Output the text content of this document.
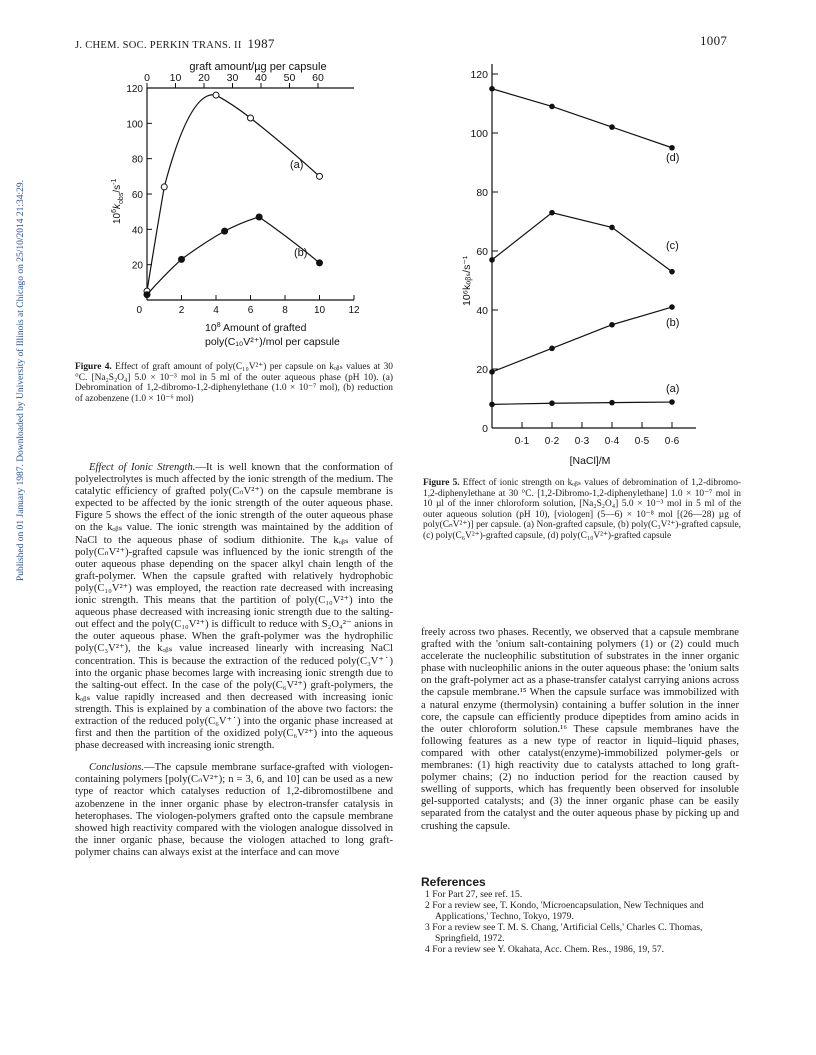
Published on 01 January 1987. Downloaded by University of Illinois at Chicago on 25/10/2014 21:34:29.
J. CHEM. SOC. PERKIN TRANS. II 1987	1007
graft amount/µg per capsule
0 10 20 30 40 50 60
20
40
60
80
100
120
2	4	6	8	10 12
(a)
(b)
0
$10^6k_{obs}/s^{-1}$
$10^8$ Amount of grafted
poly(C₁₀V²⁺)/mol per capsule
Figure 4. Effect of graft amount of poly(C₁₀V²⁺) per capsule on kₒᵦₛ values at 30 °C. [Na₂S₂O₄] 5.0 × 10⁻³ mol in 5 ml of the outer aqueous phase (pH 10). (a) Debromination of 1,2-dibromo-1,2-diphenylethane (1.0 × 10⁻⁷ mol), (b) reduction of azobenzene (1.0 × 10⁻⁶ mol)
0
20
40
60
80
100
120
0·1 0·2 0·3 0·4 0·5 0·6
(d)
(c)
(b)
(a)
10⁶kₒᵦₛ/s⁻¹
[NaCl]/M
Figure 5. Effect of ionic strength on kₒᵦₛ values of debromination of 1,2-dibromo-1,2-diphenylethane at 30 °C. [1,2-Dibromo-1,2-diphenylethane] 1.0 × 10⁻⁷ mol in 10 µl of the inner chloroform solution, [Na₂S₂O₄] 5.0 × 10⁻³ mol in 5 ml of the outer aqueous solution (pH 10), [viologen] (5—6) × 10⁻⁸ mol [(26—28) µg of poly(CₙV²⁺)] per capsule. (a) Non-grafted capsule, (b) poly(C₃V²⁺)-grafted capsule, (c) poly(C₆V²⁺)-grafted capsule, (d) poly(C₁₀V²⁺)-grafted capsule

Effect of Ionic Strength.—It is well known that the conformation of polyelectrolytes is much affected by the ionic strength of the medium. The catalytic efficiency of grafted poly(CₙV²⁺) on the capsule membrane is expected to be affected by the ionic strength of the outer aqueous phase. Figure 5 shows the effect of the ionic strength of the outer aqueous phase on the kₒᵦₛ value. The ionic strength was maintained by the addition of NaCl to the aqueous phase of sodium dithionite. The kₒᵦₛ value of poly(CₙV²⁺)-grafted capsule was influenced by the ionic strength of the outer aqueous phase depending on the spacer alkyl chain length of the graft-polymer. When the capsule grafted with relatively hydrophobic poly(C₁₀V²⁺) was employed, the reaction rate decreased with increasing ionic strength. This means that the partition of poly(C₁₀V²⁺) into the aqueous phase decreased with increasing ionic strength due to the salting-out effect and the poly(C₁₀V²⁺) is difficult to reduce with S₂O₄²⁻ anions in the outer aqueous phase. When the graft-polymer was the hydrophilic poly(C₃V²⁺), the kₒᵦₛ value increased linearly with increasing NaCl concentration. This is because the extraction of the reduced poly(C₃V⁺˙) into the organic phase becomes large with increasing ionic strength due to the salting-out effect. In the case of the poly(C₆V²⁺) graft-polymers, the kₒᵦₛ value rapidly increased and then decreased with increasing ionic strength. This is explained by a combination of the above two factors: the extraction of the reduced poly(C₆V⁺˙) into the organic phase increased at first and then the partition of the oxidized poly(C₆V²⁺) into the aqueous phase decreased with increasing ionic strength.

Conclusions.—The capsule membrane surface-grafted with viologen-containing polymers [poly(CₙV²⁺); n = 3, 6, and 10] can be used as a new type of reactor which catalyses reduction of 1,2-dibromostilbene and azobenzene in the inner organic phase by electron-transfer catalysis in heterophases. The viologen-polymers grafted onto the capsule membrane showed high reactivity compared with the viologen analogue dissolved in the inner organic phase, because the viologen attached to long graft-polymer chains can always exist at the interface and can move

freely across two phases. Recently, we observed that a capsule membrane grafted with the 'onium salt-containing polymers (1) or (2) could much accelerate the nucleophilic substitution of substrates in the inner organic phase with nucleophilic anions in the outer aqueous phase: the 'onium salts on the graft-polymer act as a phase-transfer catalyst carrying anions across the capsule membrane.¹⁵ When the capsule surface was immobilized with a natural enzyme (thermolysin) containing a buffer solution in the inner core, the capsule can efficiently produce dipeptides from amino acids in the outer chloroform solution.¹⁶ These capsule membranes have the following features as a new type of reactor in liquid–liquid phases, compared with other catalyst(enzyme)-immobilized polymer-gels or membranes: (1) high reactivity due to catalysts attached to long graft-polymer chains; (2) no induction period for the reaction caused by swelling of supports, which has frequently been observed for insoluble gel-supported catalysts; and (3) the inner organic phase can be easily separated from the catalyst and the outer aqueous phase by picking up and crushing the capsule.

References
1 For Part 27, see ref. 15.
2 For a review see, T. Kondo, 'Microencapsulation, New Techniques and Applications,' Techno, Tokyo, 1979.
3 For a review see T. M. S. Chang, 'Artificial Cells,' Charles C. Thomas, Springfield, 1972.
4 For a review see Y. Okahata, Acc. Chem. Res., 1986, 19, 57.
